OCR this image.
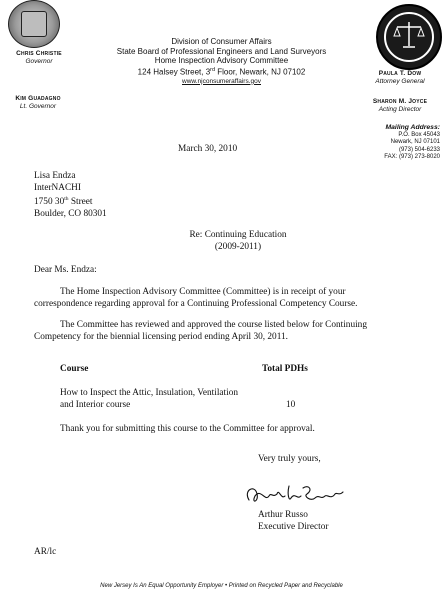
Chris Christie
Governor
Kim Guadagno
Lt. Governor
Division of Consumer Affairs
State Board of Professional Engineers and Land Surveyors
Home Inspection Advisory Committee
124 Halsey Street, 3rd Floor, Newark, NJ 07102
www.njconsumeraffairs.gov
Paula T. Dow
Attorney General
Sharon M. Joyce
Acting Director
Mailing Address:
P.O. Box 45043
Newark, NJ 07101
(973) 504-6233
FAX: (973) 273-8020
March 30, 2010
Lisa Endza
InterNACHI
1750 30th Street
Boulder, CO 80301
Re: Continuing Education
(2009-2011)
Dear Ms. Endza:
The Home Inspection Advisory Committee (Committee) is in receipt of your
correspondence regarding approval for a Continuing Professional Competency Course.
The Committee has reviewed and approved the course listed below for Continuing
Competency for the biennial licensing period ending April 30, 2011.
Course	Total PDHs
How to Inspect the Attic, Insulation, Ventilation
and Interior course	10
Thank you for submitting this course to the Committee for approval.
Very truly yours,
Arthur Russo
Executive Director
AR/lc
New Jersey Is An Equal Opportunity Employer • Printed on Recycled Paper and Recyclable
